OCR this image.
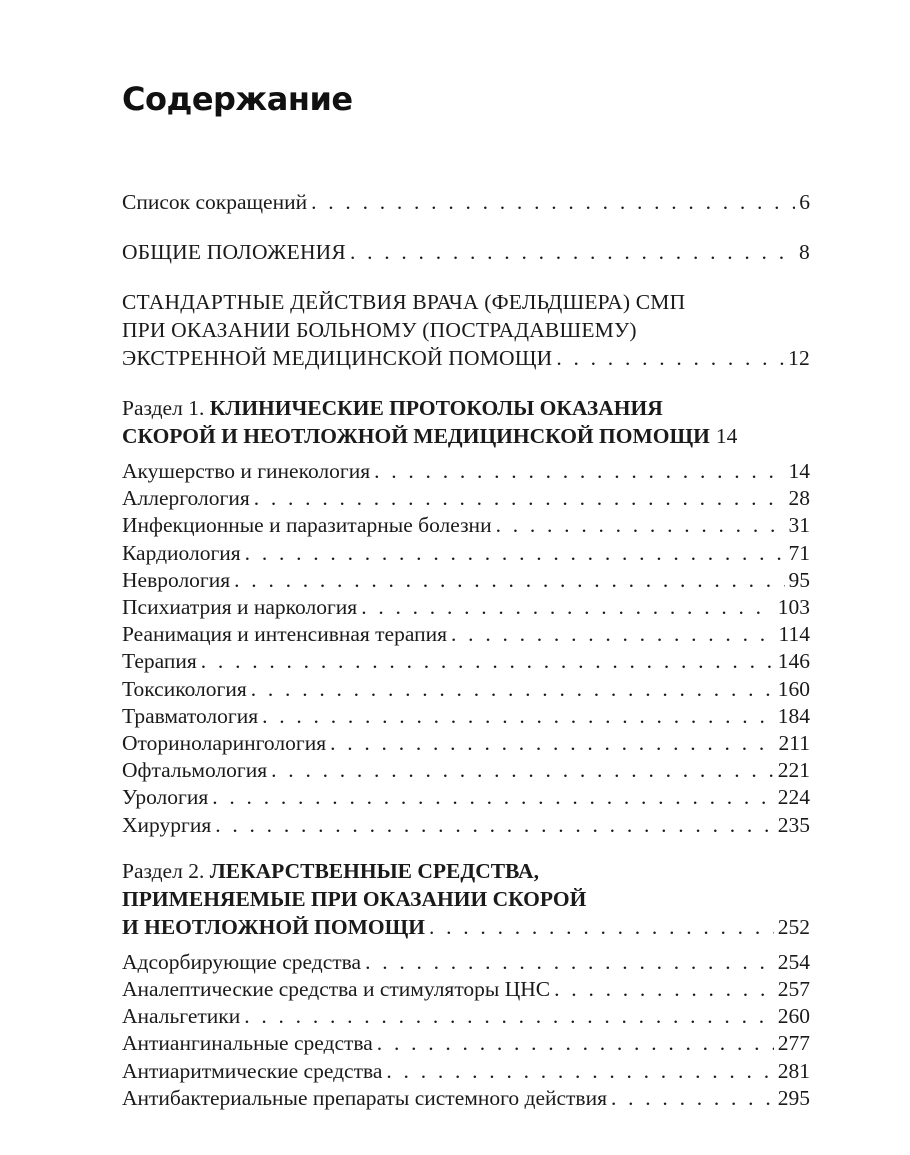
Содержание
Список сокращений . . .	6
ОБЩИЕ ПОЛОЖЕНИЯ . . .	8
СТАНДАРТНЫЕ ДЕЙСТВИЯ ВРАЧА (ФЕЛЬДШЕРА) СМП
ПРИ ОКАЗАНИИ БОЛЬНОМУ (ПОСТРАДАВШЕМУ)
ЭКСТРЕННОЙ МЕДИЦИНСКОЙ ПОМОЩИ . . .	12
Раздел 1. КЛИНИЧЕСКИЕ ПРОТОКОЛЫ ОКАЗАНИЯ
СКОРОЙ И НЕОТЛОЖНОЙ МЕДИЦИНСКОЙ ПОМОЩИ 14
Акушерство и гинекология . . .	14
Аллергология . . .	28
Инфекционные и паразитарные болезни . . .	31
Кардиология . . .	71
Неврология . . .	95
Психиатрия и наркология . . .	103
Реанимация и интенсивная терапия . . .	114
Терапия . . .	146
Токсикология . . .	160
Травматология . . .	184
Оториноларингология . . .	211
Офтальмология . . .	221
Урология . . .	224
Хирургия . . .	235
Раздел 2. ЛЕКАРСТВЕННЫЕ СРЕДСТВА,
ПРИМЕНЯЕМЫЕ ПРИ ОКАЗАНИИ СКОРОЙ
И НЕОТЛОЖНОЙ ПОМОЩИ . . .	252
Адсорбирующие средства . . .	254
Аналептические средства и стимуляторы ЦНС . . .	257
Анальгетики . . .	260
Антиангинальные средства . . .	277
Антиаритмические средства . . .	281
Антибактериальные препараты системного действия . . .	295
